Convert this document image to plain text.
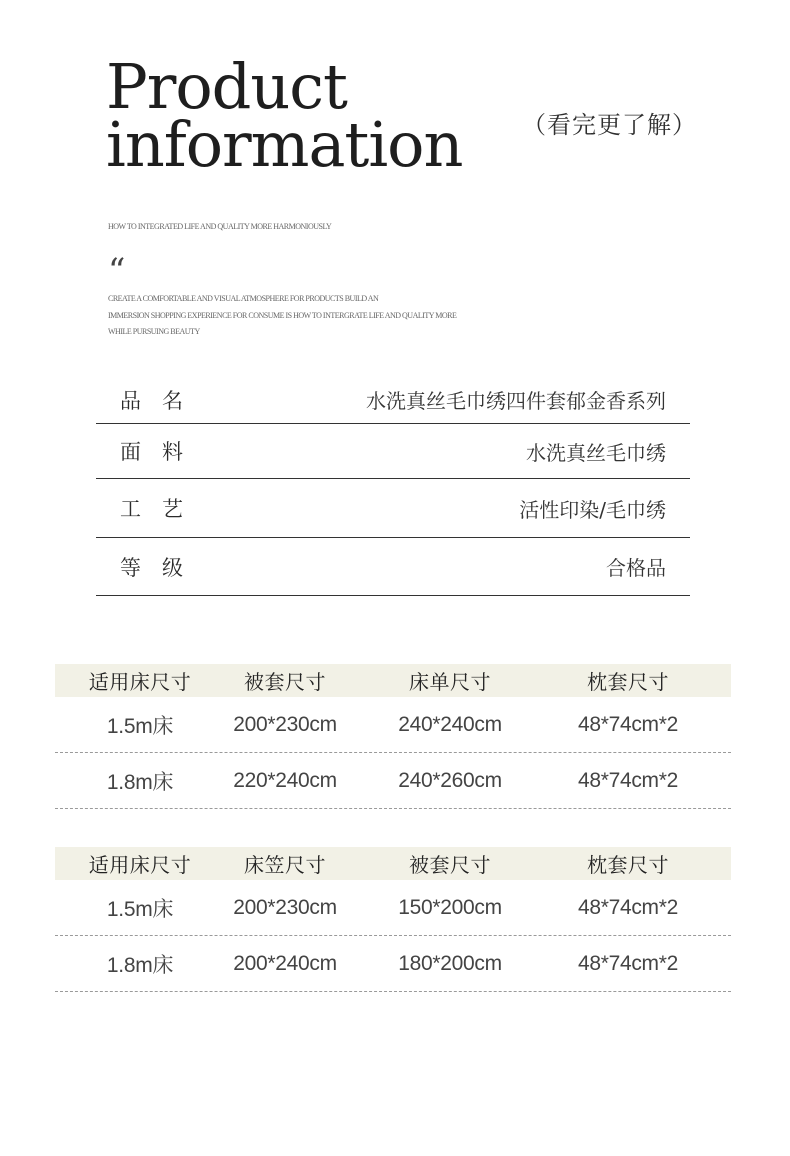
Product
information （看完更了解）
HOW TO INTEGRATED LIFE AND QUALITY MORE HARMONIOUSLY
“
CREATE A COMFORTABLE AND VISUAL ATMOSPHERE FOR PRODUCTS BUILD AN
IMMERSION SHOPPING EXPERIENCE FOR CONSUME IS HOW TO INTERGRATE LIFE AND QUALITY MORE
WHILE PURSUING BEAUTY
品名	水洗真丝毛巾绣四件套郁金香系列
面料	水洗真丝毛巾绣
工艺	活性印染/毛巾绣
等级	合格品
适用床尺寸	被套尺寸	床单尺寸	枕套尺寸
1.5m床	200*230cm	240*240cm	48*74cm*2
1.8m床	220*240cm	240*260cm	48*74cm*2
适用床尺寸	床笠尺寸	被套尺寸	枕套尺寸
1.5m床	200*230cm	150*200cm	48*74cm*2
1.8m床	200*240cm	180*200cm	48*74cm*2
